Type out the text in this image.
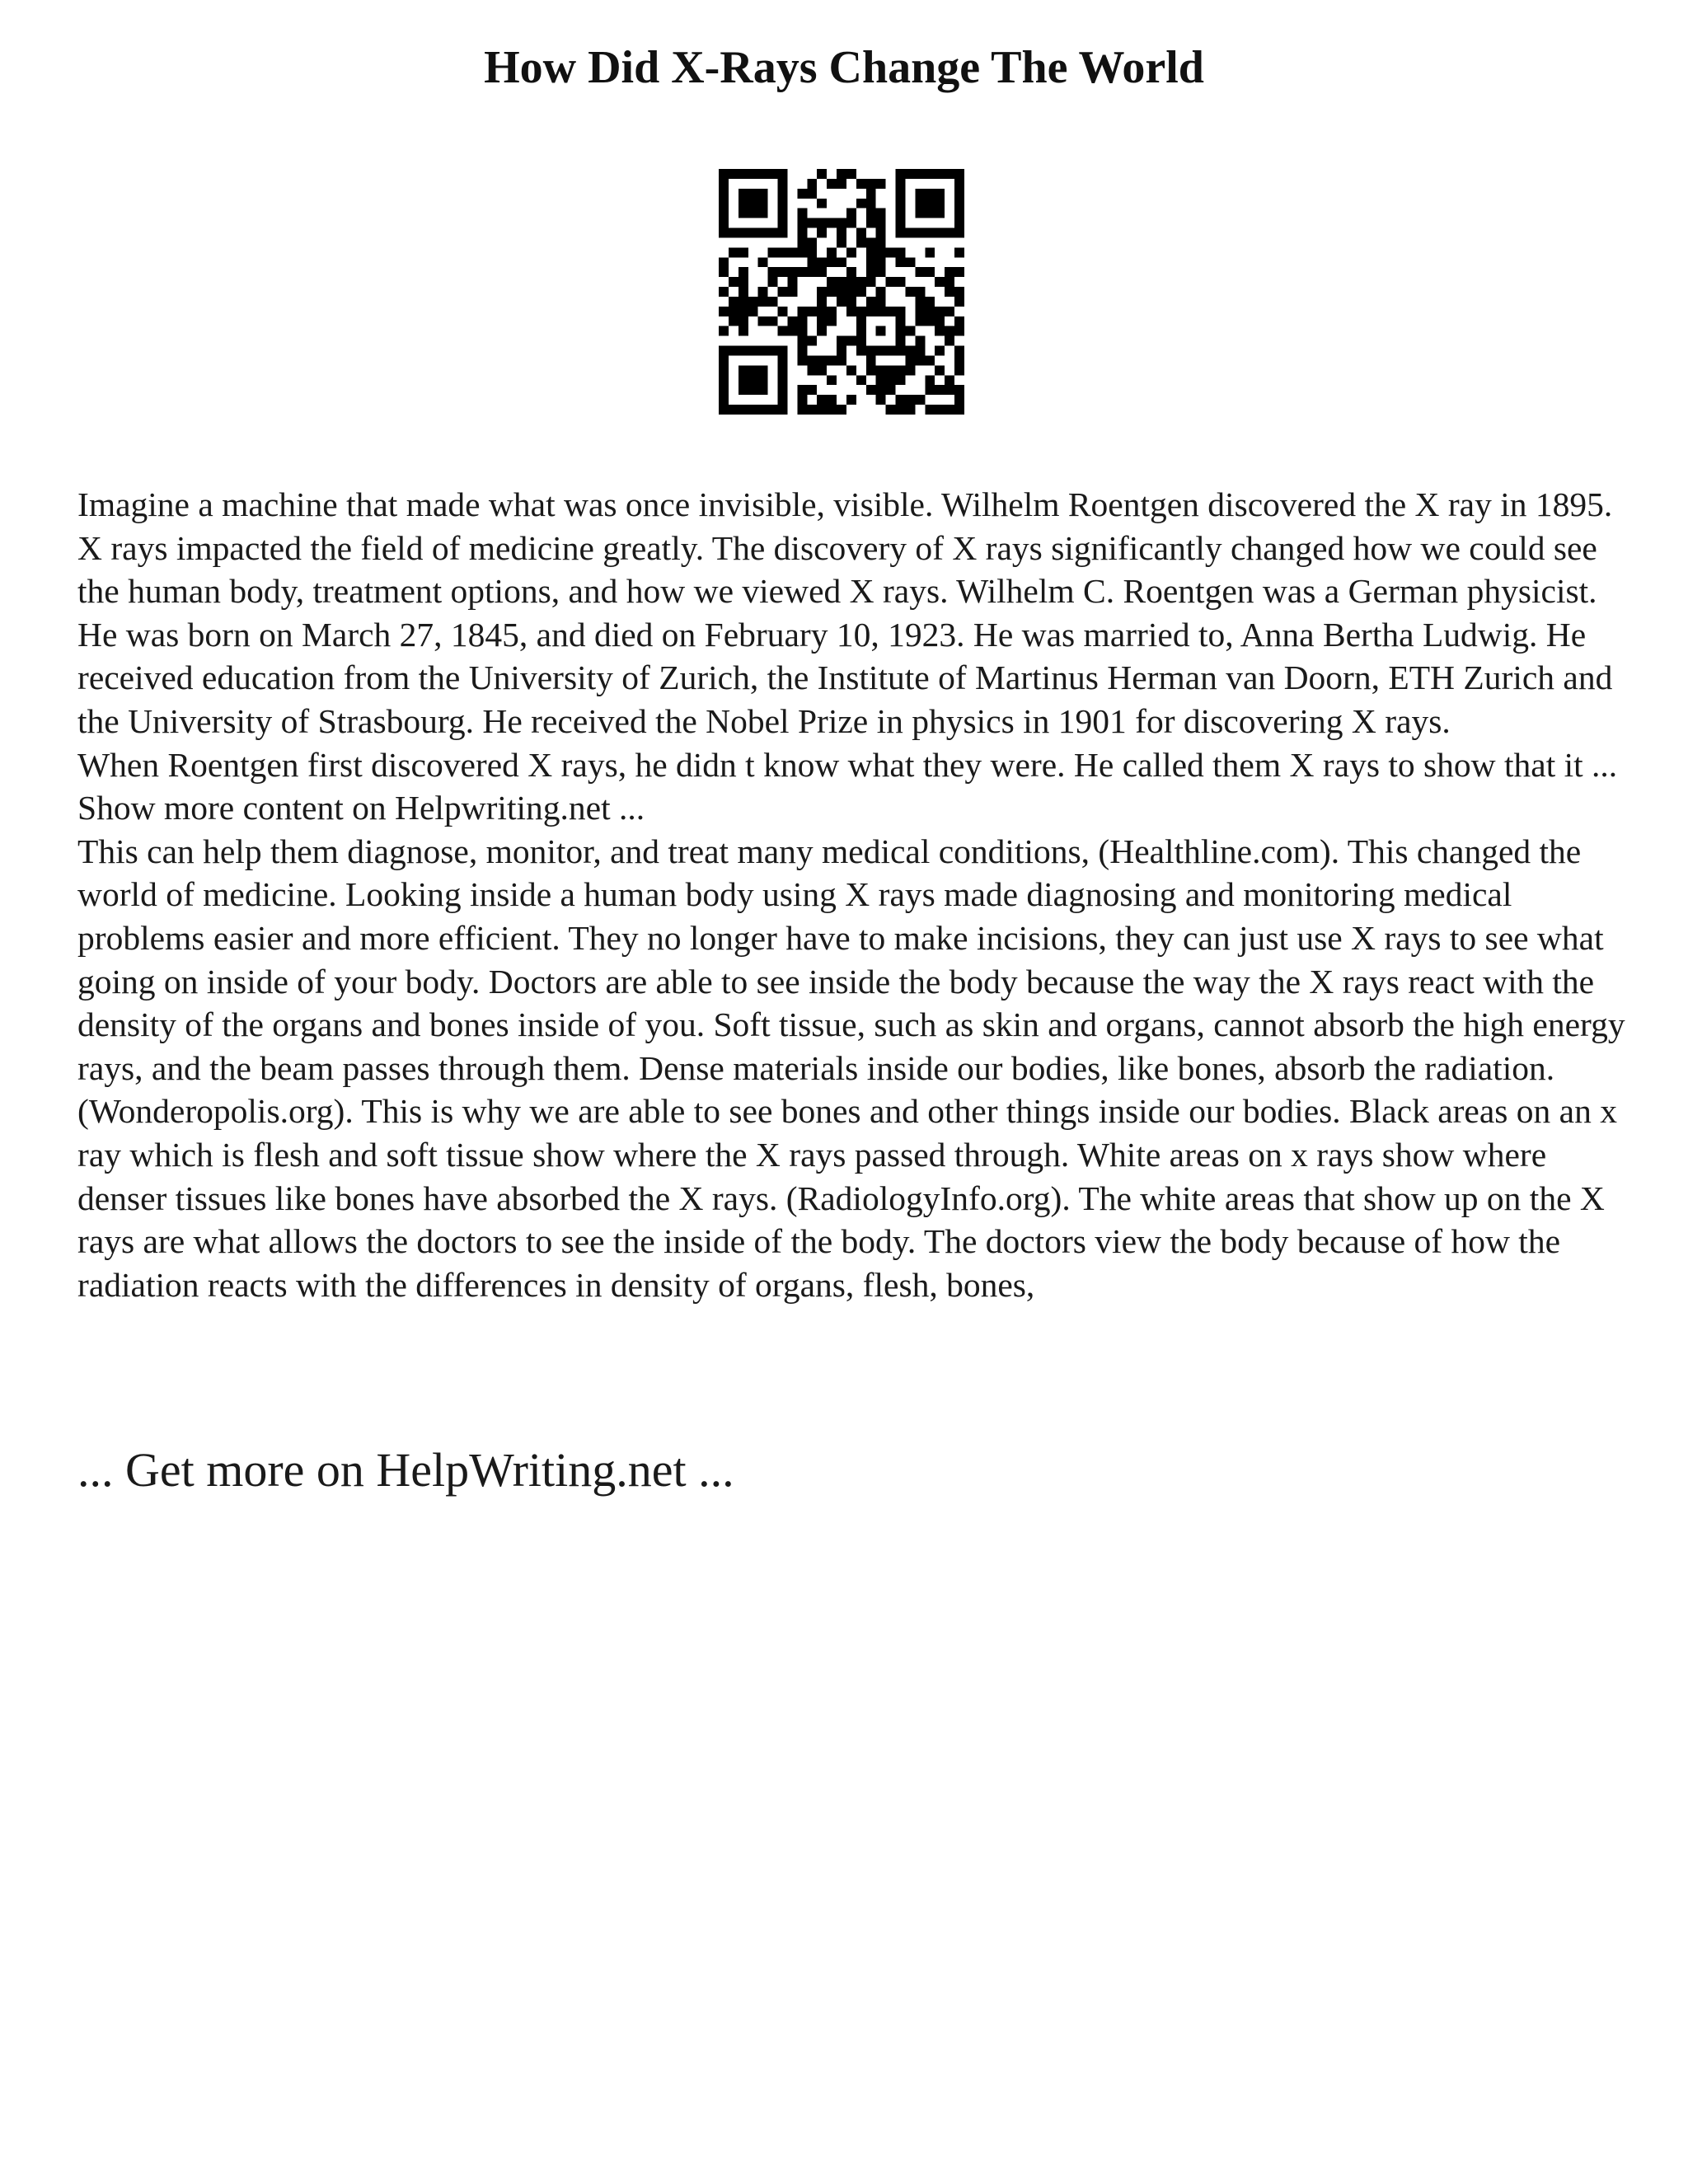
How Did X-Rays Change The World

Imagine a machine that made what was once invisible, visible. Wilhelm Roentgen discovered the X ray in 1895. X rays impacted the field of medicine greatly. The discovery of X rays significantly changed how we could see the human body, treatment options, and how we viewed X rays. Wilhelm C. Roentgen was a German physicist. He was born on March 27, 1845, and died on February 10, 1923. He was married to, Anna Bertha Ludwig. He received education from the University of Zurich, the Institute of Martinus Herman van Doorn, ETH Zurich and the University of Strasbourg. He received the Nobel Prize in physics in 1901 for discovering X rays.

When Roentgen first discovered X rays, he didn t know what they were. He called them X rays to show that it ... Show more content on Helpwriting.net ...

This can help them diagnose, monitor, and treat many medical conditions, (Healthline.com). This changed the world of medicine. Looking inside a human body using X rays made diagnosing and monitoring medical problems easier and more efficient. They no longer have to make incisions, they can just use X rays to see what going on inside of your body. Doctors are able to see inside the body because the way the X rays react with the density of the organs and bones inside of you. Soft tissue, such as skin and organs, cannot absorb the high energy rays, and the beam passes through them. Dense materials inside our bodies, like bones, absorb the radiation. (Wonderopolis.org). This is why we are able to see bones and other things inside our bodies. Black areas on an x ray which is flesh and soft tissue show where the X rays passed through. White areas on x rays show where denser tissues like bones have absorbed the X rays. (RadiologyInfo.org). The white areas that show up on the X rays are what allows the doctors to see the inside of the body. The doctors view the body because of how the radiation reacts with the differences in density of organs, flesh, bones,

... Get more on HelpWriting.net ...
